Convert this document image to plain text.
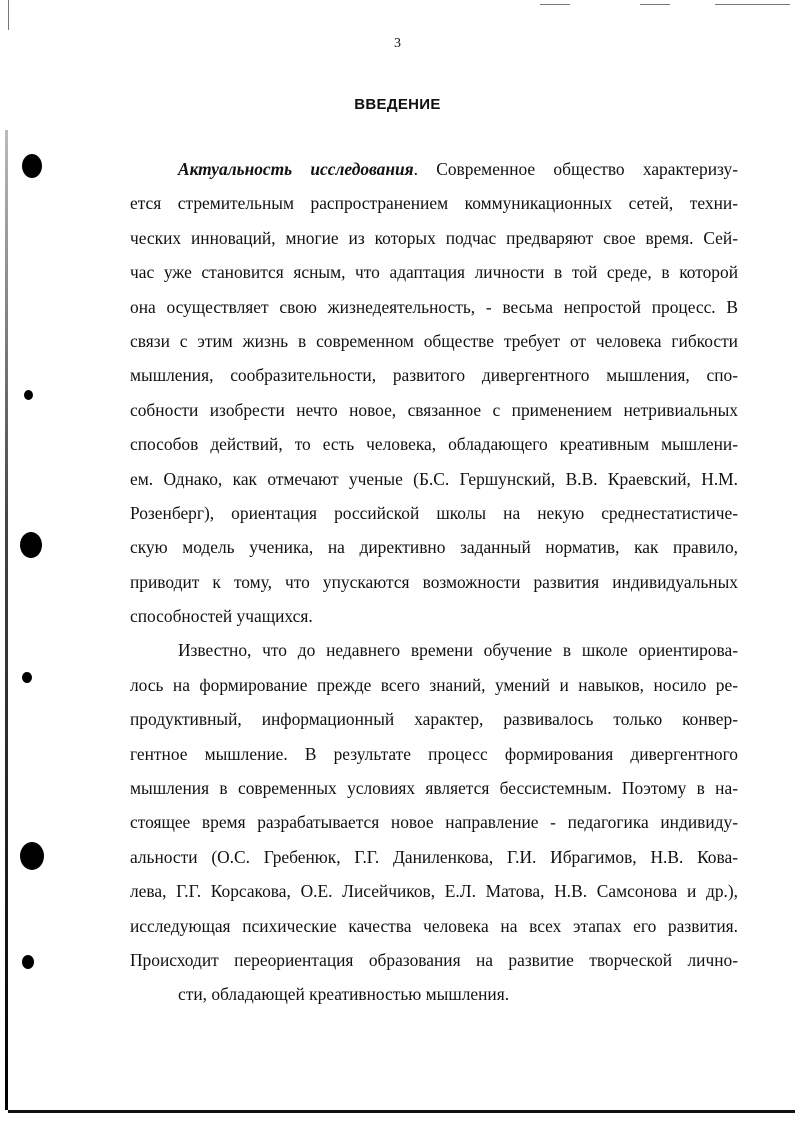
3
ВВЕДЕНИЕ
Актуальность исследования. Современное общество характеризу-
ется стремительным распространением коммуникационных сетей, техни-
ческих инноваций, многие из которых подчас предваряют свое время. Сей-
час уже становится ясным, что адаптация личности в той среде, в которой
она осуществляет свою жизнедеятельность, - весьма непростой процесс. В
связи с этим жизнь в современном обществе требует от человека гибкости
мышления, сообразительности, развитого дивергентного мышления, спо-
собности изобрести нечто новое, связанное с применением нетривиальных
способов действий, то есть человека, обладающего креативным мышлени-
ем. Однако, как отмечают ученые (Б.С. Гершунский, В.В. Краевский, Н.М.
Розенберг), ориентация российской школы на некую среднестатистиче-
скую модель ученика, на директивно заданный норматив, как правило,
приводит к тому, что упускаются возможности развития индивидуальных
способностей учащихся.
Известно, что до недавнего времени обучение в школе ориентирова-
лось на формирование прежде всего знаний, умений и навыков, носило ре-
продуктивный, информационный характер, развивалось только конвер-
гентное мышление. В результате процесс формирования дивергентного
мышления в современных условиях является бессистемным. Поэтому в на-
стоящее время разрабатывается новое направление - педагогика индивиду-
альности (О.С. Гребенюк, Г.Г. Даниленкова, Г.И. Ибрагимов, Н.В. Кова-
лева, Г.Г. Корсакова, О.Е. Лисейчиков, Е.Л. Матова, Н.В. Самсонова и др.),
исследующая психические качества человека на всех этапах его развития.
Происходит переориентация образования на развитие творческой лично-
сти, обладающей креативностью мышления.
